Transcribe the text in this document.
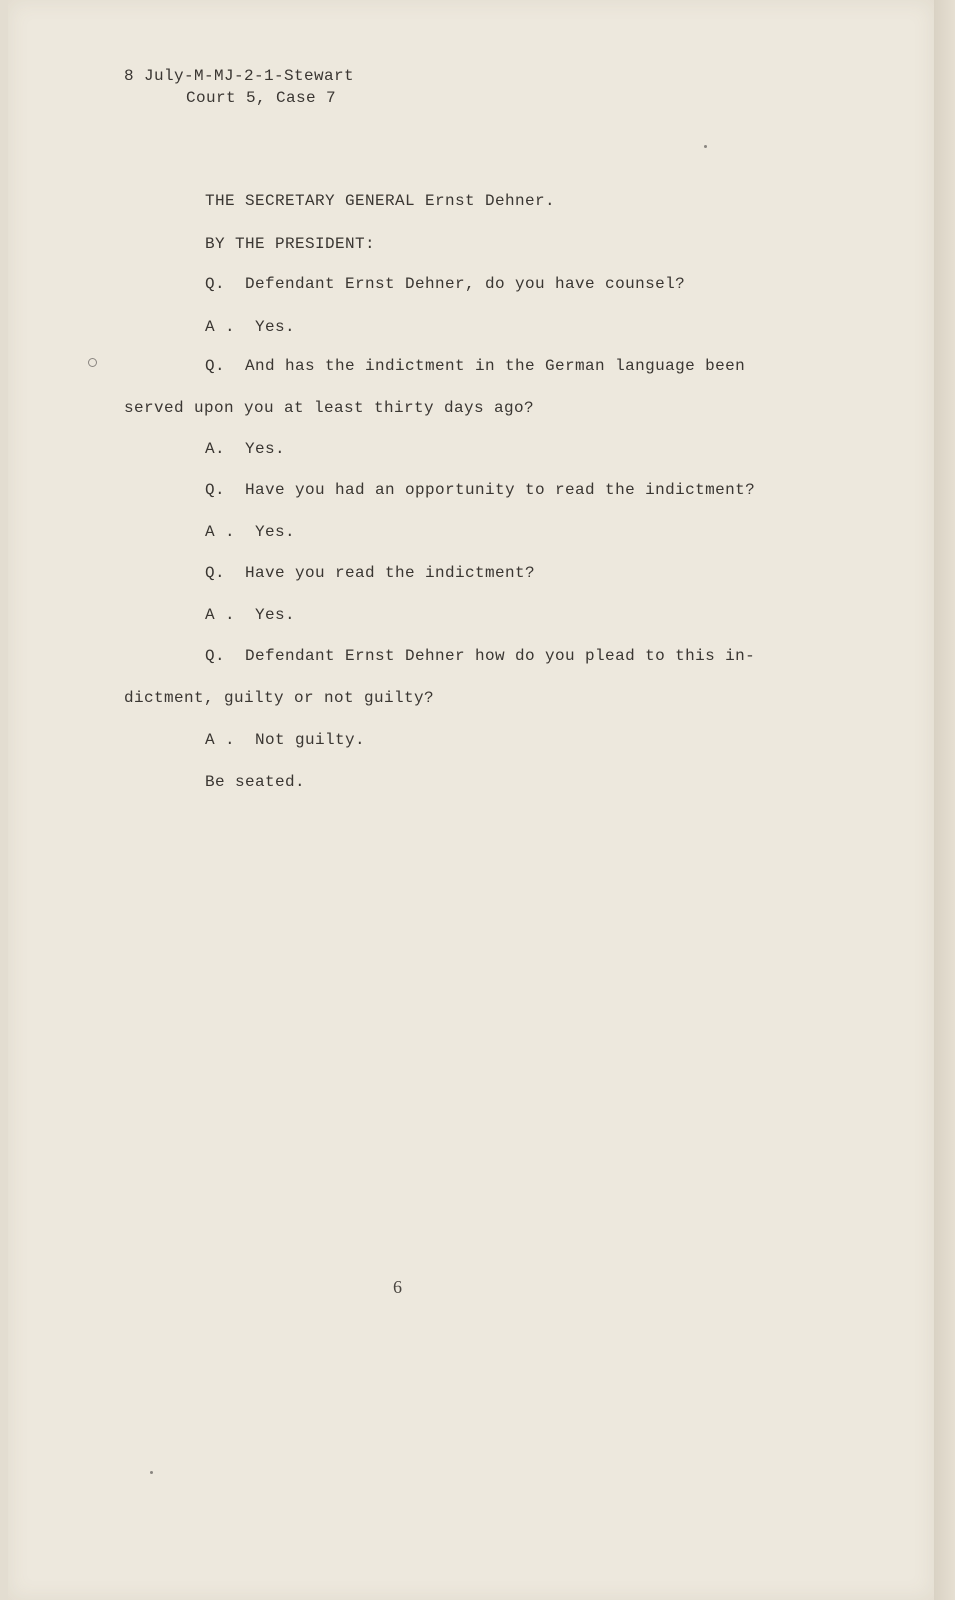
8 July-M-MJ-2-1-Stewart
Court 5, Case 7
THE SECRETARY GENERAL Ernst Dehner.
BY THE PRESIDENT:
Q.  Defendant Ernst Dehner, do you have counsel?
A .  Yes.
Q.  And has the indictment in the German language been
served upon you at least thirty days ago?
A.  Yes.
Q.  Have you had an opportunity to read the indictment?
A .  Yes.
Q.  Have you read the indictment?
A .  Yes.
Q.  Defendant Ernst Dehner how do you plead to this in-
dictment, guilty or not guilty?
A .  Not guilty.
Be seated.
6
